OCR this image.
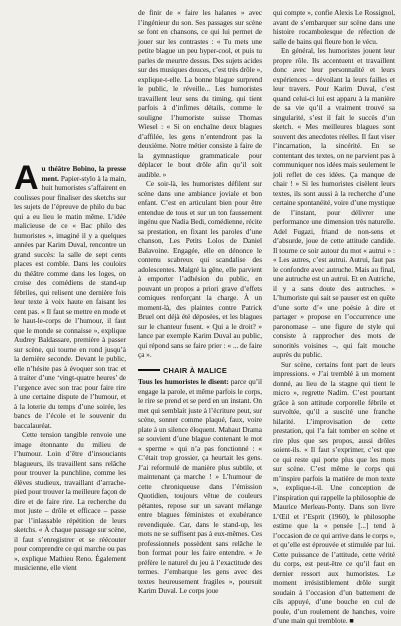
Au théâtre Bobino, la presse ment. Papier-stylo à la main, huit humoristes s’affairent en coulisses pour finaliser des sketchs sur les sujets de l’épreuve de philo du bac qui a eu lieu le matin même. L’idée malicieuse de ce « Bac philo des humoristes », imaginé il y a quelques années par Karim Duval, rencontre un grand succès: la salle de sept cents places est comble. Dans les couloirs du théâtre comme dans les loges, on croise des comédiens de stand-up fébriles, qui relisent une dernière fois leur texte à voix haute en faisant les cent pas. « Il faut se mettre en mode et le haut-le-corps de l’humour, il faut que le monde se connaisse », explique Audrey Baldassare, première à passer sur scène, qui tourne en rond jusqu’à la dernière seconde. Devant le public, elle n’hésite pas à évoquer son trac et à traiter d’une ‘vingt-quatre heures’ de l’urgence avec son trac pour faire rire à une certaine dispute de l’humour, et à la loterie du temps d’une soirée, les bancs de l’école et le souvenir du baccalauréat.

Cette tension tangible renvoie une image étonnante du milieu de l’humour. Loin d’être d’insouciants blagueurs, ils travaillent sans relâche pour trouver la punchline, comme les élèves studieux, travaillant d’arrache-pied pour trouver la meilleure façon de dire et de faire rire. La recherche du mot juste – drôle et efficace – passe par l’inlassable répétition de leurs sketchs. « À chaque passage sur scène, il faut s’enregistrer et se réécouter pour comprendre ce qui marche ou pas », explique Mathieu Reno. Également musicienne, elle vient

de finir de « faire les halanes » avec l’ingénieur du son. Ses passages sur scène se font en chansons, ce qui lui permet de jouer sur les contrastes : « Tu mets une petite blague un peu hyper-cool, et puis tu parles de meurtre dessus. Des sujets acides sur des musiques douces, c’est très drôle », explique-t-elle. La bonne blague surprend le public, le réveille... Les humoristes travaillent leur sens du timing, qui tient parfois à d’infimes détails, comme le souligne l’humoriste suisse Thomas Wiesel : « Si on enchaîne deux blagues d’affilée, les gens n’entendront pas la deuxième. Notre métier consiste à faire de la gymnastique grammaticale pour déplacer le bout drôle afin qu’il soit audible. »

Ce soir-là, les humoristes défilent sur scène dans une ambiance joviale et bon enfant. C’est en articulant bien pour être entendue de tous et sur un ton faussement ingénu que Nadia Bedi, comédienne, récite sa prestation, en fixant les paroles d’une chanson, Les Petits Lolos de Daniel Balavoine. Engagée, elle en dénonce le contenu scabreux qui scandalise des adolescentes. Malgré la gêne, elle parvient à emporter l’adhésion du public, en pouvant un propos a priori grave d’effets comiques renforçant la charge. À un moment-là, des plaintes contre Patrick Bruel ont déjà été déposées, et les blagues sur le chanteur fusent. « Qui a le droit? » lance par exemple Karim Duval au public, qui répond sans se faire prier : « ... de faire ça ».

CHAIR À MALICE

Tous les humoristes le disent: parce qu’il engage la parole, et même parfois le corps, le rire se prend et se perd en un instant. On met qui semblait juste à l’écriture peut, sur scène, sonner comme plaqué, faux, voire plate à un silence éloquent. Mahaut Drama se souvient d’une blague contenant le mot « sperme » qui n’a pas fonctionné : « C’était trop grossier, ça heurtait les gens. J’ai reformulé de manière plus subtile, et maintenant ça marche ! » L’humour de cette chroniqueuse dans l’émission Quotidien, toujours vêtue de couleurs pétantes, repose sur un savant mélange entre blagues féministes et exubérance revendiquée. Car, dans le stand-up, les mots ne se suffisent pas à eux-mêmes. Ces professionnels possèdent sans relâche le bon format pour les faire entendre. « Je préfère le naturel du jeu à l’exactitude des termes. J’embarque les gens avec des textes heureusement fragiles », poursuit Karim Duval. Le corps joue

qui compte », confie Alexis Le Rossignol, avant de s’embarquer sur scène dans une histoire rocambolesque de réfection de salle de bains qui fleure bon le vécu.

En général, les humoristes jouent leur propre rôle. Ils accentuent et travaillent donc avec leur personnalité et leurs expériences – dévoilant la leurs failles et leur travers. Pour Karim Duval, c’est quand celui-ci lui est apparu à la manière de sa vie qu’il a vraiment trouvé sa singularité, s’est il fait le succès d’un sketch. « Mes meilleures blagues sont souvent des anecdotes réelles. Il faut viser l’incarnation, la sincérité. En se contentant des textes, on ne parvient pas à communiquer nos idées mais seulement le joli reflet de ces idées. Ça manque de chair ! » Si les humoristes cisèlent leurs textes, ils sont aussi à la recherche d’une certaine spontanéité, voire d’une mystique de l’instant, pour délivrer une performance une dimension très naturelle. Adel Fugazi, friand de non-sens et d’absurde, joue de cette attitude candide. Il tourne ce soir autour du mot « autrui » : « Les autres, c’est autrui. Autrui, faut pas le confondre avec autruche. Mais au final, une autruche est un autrui. Et en Autriche, il y a sans doute des autruches. » L’humoriste qui sait se pauser est en quête d’une sorte d’« une poésie à dire et partager » propose en l’occurrence une paronomase – une figure de style qui consiste à rapprocher des mots de sonorités voisines –, qui fait mouche auprès du public.

Sur scène, certains font part de leurs impressions. « J’ai tremblé à un moment donné, au lieu de la stagne qui tient le micro », regrette Nadim. C’est pourtant grâce à son attitude corporelle fébrile et survoltée, qu’il a suscité une franche hilarité. L’improvisation de cette prestation, qui l’a fait tomber en scène et rire plus que ses propos, aussi drôles soient-ils. « Il faut s’exprimer, c’est que ce qui reste qui porte plus que les mots sur scène. C’est même le corps qui m’inspire parfois la matière de mon texte », explique-t-il. Une conception de l’inspiration qui rappelle la philosophie de Maurice Merleau-Ponty. Dans son livre L’Œil et l’Esprit (1960), le philosophe estime que la « pensée [...] tend à l’occasion de ce qui arrive dans le corps », et qu’elle est éprouvée et stimulée par lui. Cette puissance de l’attitude, cette vérité du corps, est peut-être ce qu’il faut en dernier ressort aux humoristes. Le moment irrésistiblement drôle surgit soudain à l’occasion d’un battement de cils appuyé, d’une bouche en cul de poule, d’un roulement de hanches, voire d’une main qui tremblote. ■
